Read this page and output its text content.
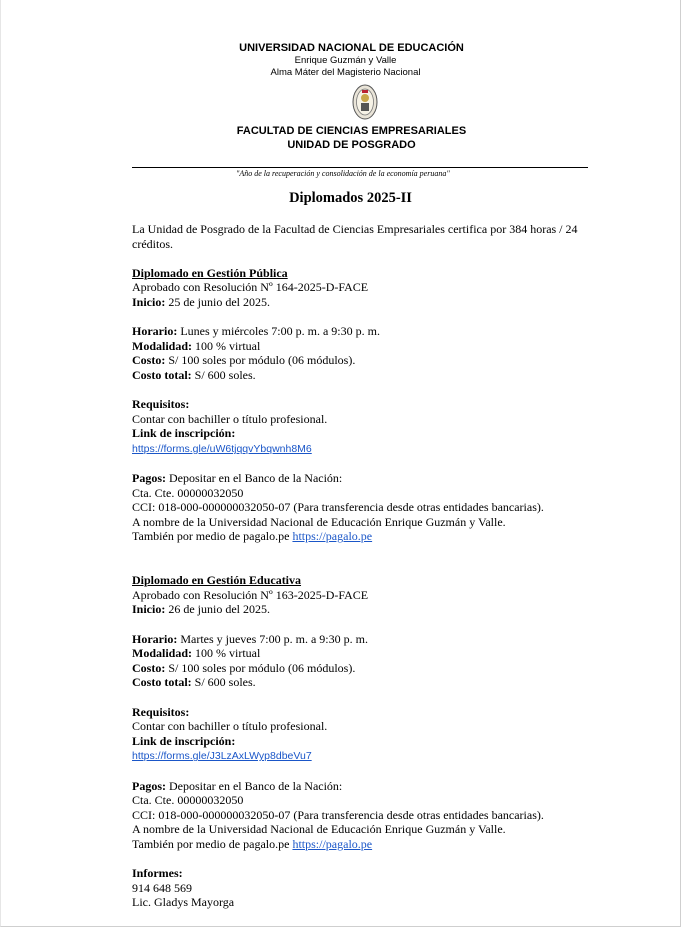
UNIVERSIDAD NACIONAL DE EDUCACIÓN
Enrique Guzmán y Valle
Alma Máter del Magisterio Nacional
FACULTAD DE CIENCIAS EMPRESARIALES
UNIDAD DE POSGRADO
"Año de la recuperación y consolidación de la economía peruana"
Diplomados 2025-II

La Unidad de Posgrado de la Facultad de Ciencias Empresariales certifica por 384 horas / 24 créditos.

Diplomado en Gestión Pública

Aprobado con Resolución Nº 164-2025-D-FACE

Inicio: 25 de junio del 2025.

Horario: Lunes y miércoles 7:00 p. m. a 9:30 p. m.

Modalidad: 100 % virtual

Costo: S/ 100 soles por módulo (06 módulos).

Costo total: S/ 600 soles.

Requisitos:

Contar con bachiller o título profesional.

Link de inscripción:

https://forms.gle/uW6tjqqvYbqwnh8M6

Pagos: Depositar en el Banco de la Nación:

Cta. Cte. 00000032050

CCI: 018-000-000000032050-07 (Para transferencia desde otras entidades bancarias).

A nombre de la Universidad Nacional de Educación Enrique Guzmán y Valle.

También por medio de pagalo.pe https://pagalo.pe

Diplomado en Gestión Educativa

Aprobado con Resolución Nº 163-2025-D-FACE

Inicio: 26 de junio del 2025.

Horario: Martes y jueves 7:00 p. m. a 9:30 p. m.

Modalidad: 100 % virtual

Costo: S/ 100 soles por módulo (06 módulos).

Costo total: S/ 600 soles.

Requisitos:

Contar con bachiller o título profesional.

Link de inscripción:

https://forms.gle/J3LzAxLWyp8dbeVu7

Pagos: Depositar en el Banco de la Nación:

Cta. Cte. 00000032050

CCI: 018-000-000000032050-07 (Para transferencia desde otras entidades bancarias).

A nombre de la Universidad Nacional de Educación Enrique Guzmán y Valle.

También por medio de pagalo.pe https://pagalo.pe

Informes:

914 648 569

Lic. Gladys Mayorga
